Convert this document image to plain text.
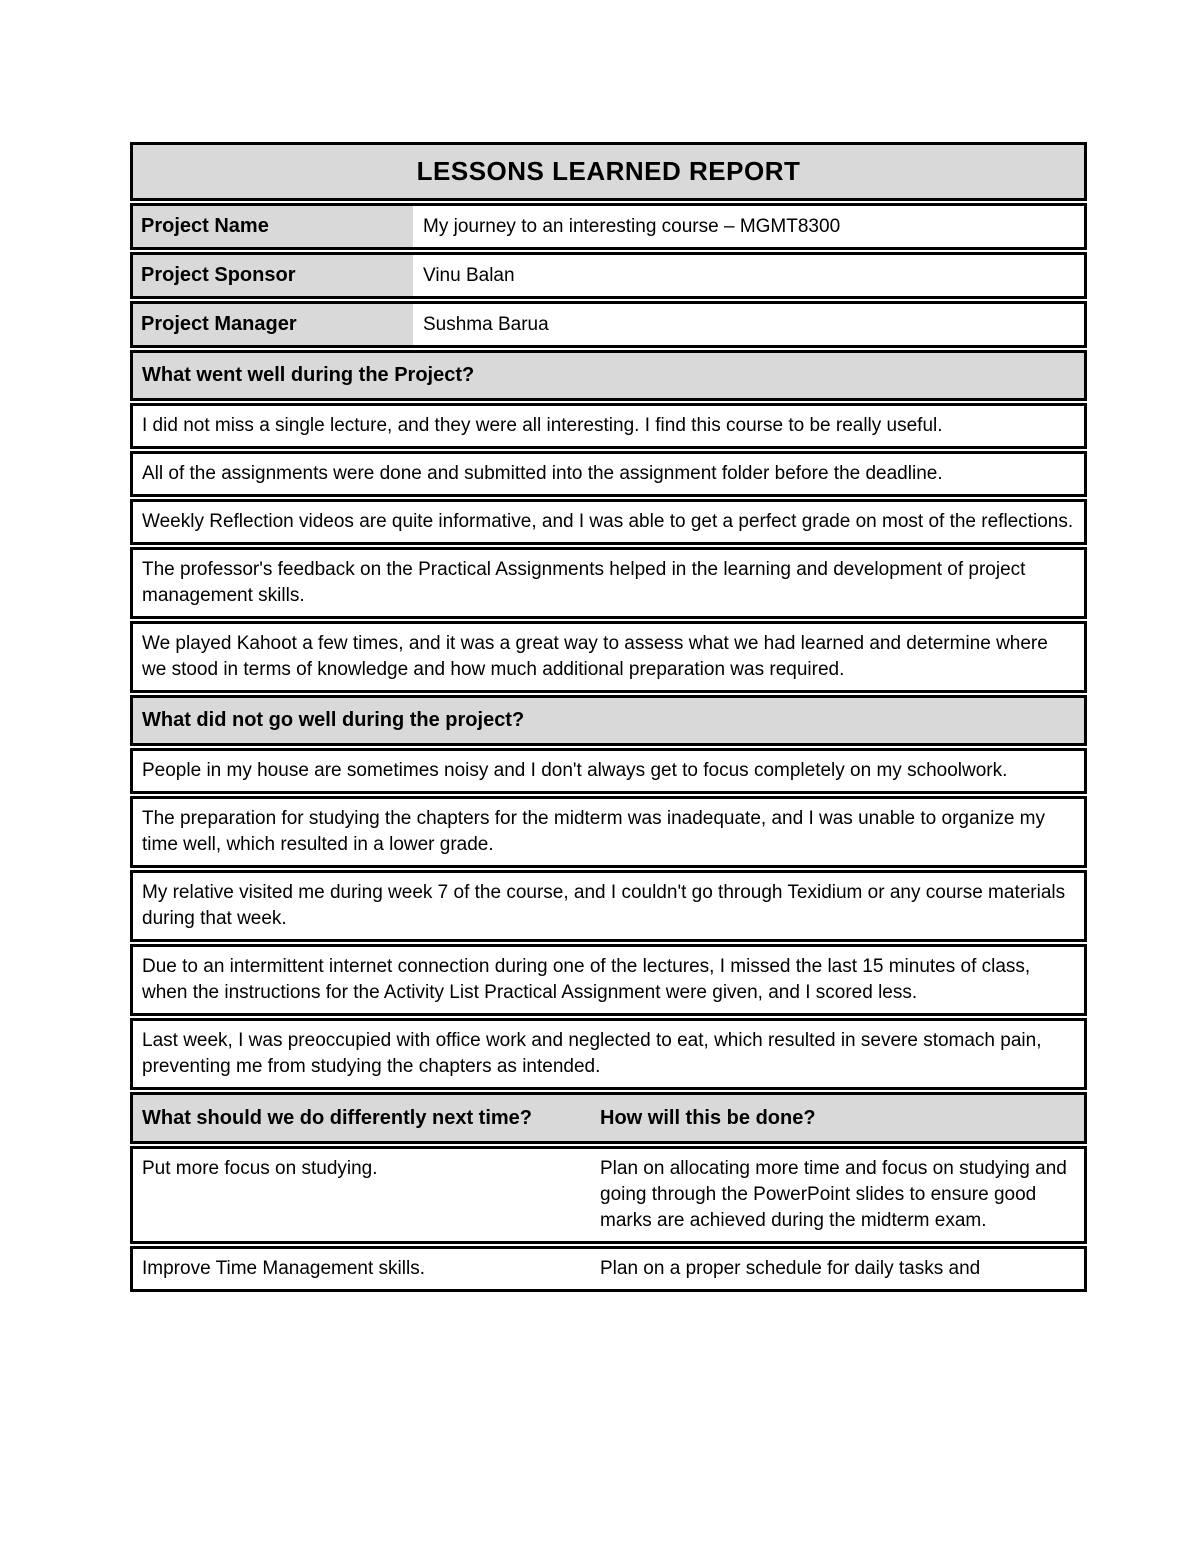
LESSONS LEARNED REPORT
Project Name	My journey to an interesting course – MGMT8300
Project Sponsor	Vinu Balan
Project Manager	Sushma Barua
What went well during the Project?
I did not miss a single lecture, and they were all interesting. I find this course to be really useful.
All of the assignments were done and submitted into the assignment folder before the deadline.
Weekly Reflection videos are quite informative, and I was able to get a perfect grade on most of the reflections.
The professor's feedback on the Practical Assignments helped in the learning and development of project management skills.
We played Kahoot a few times, and it was a great way to assess what we had learned and determine where we stood in terms of knowledge and how much additional preparation was required.
What did not go well during the project?
People in my house are sometimes noisy and I don't always get to focus completely on my schoolwork.
The preparation for studying the chapters for the midterm was inadequate, and I was unable to organize my time well, which resulted in a lower grade.
My relative visited me during week 7 of the course, and I couldn't go through Texidium or any course materials during that week.
Due to an intermittent internet connection during one of the lectures, I missed the last 15 minutes of class, when the instructions for the Activity List Practical Assignment were given, and I scored less.
Last week, I was preoccupied with office work and neglected to eat, which resulted in severe stomach pain, preventing me from studying the chapters as intended.
What should we do differently next time?	How will this be done?
Put more focus on studying.	Plan on allocating more time and focus on studying and going through the PowerPoint slides to ensure good marks are achieved during the midterm exam.
Improve Time Management skills.	Plan on a proper schedule for daily tasks and
